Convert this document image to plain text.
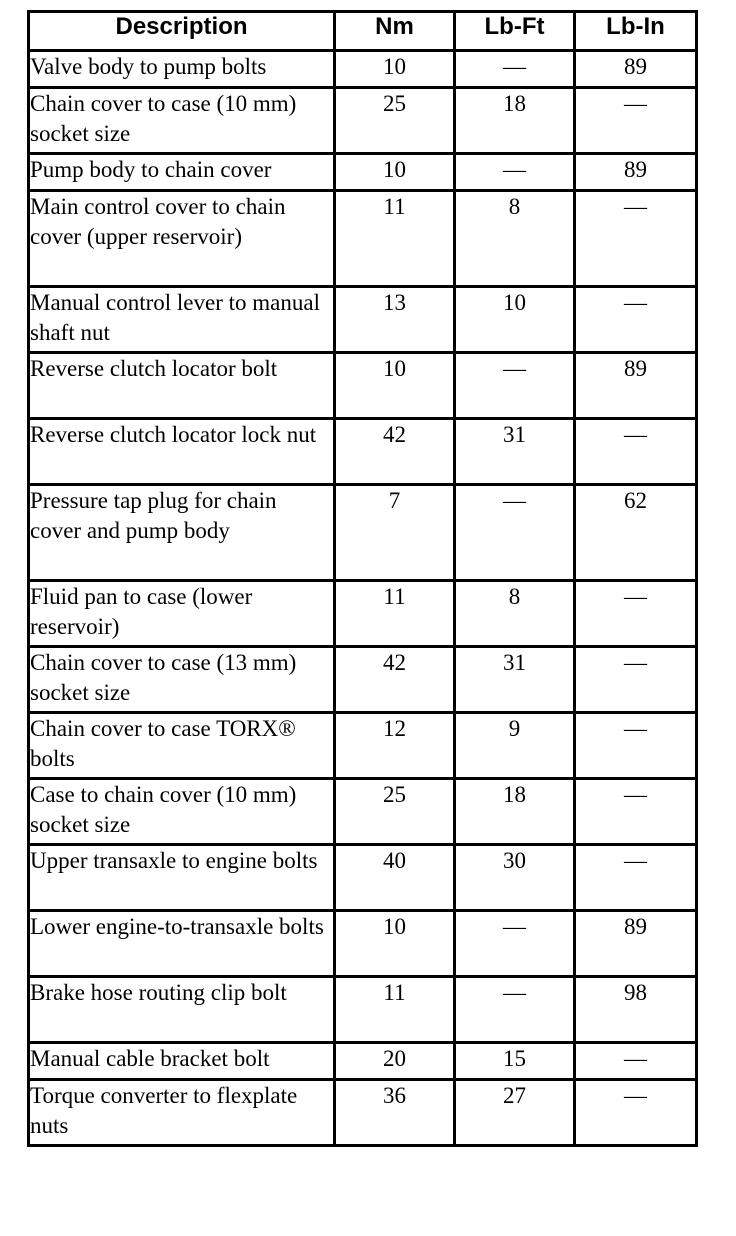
Description	Nm	Lb-Ft	Lb-In
Valve body to pump bolts	10	—	89
Chain cover to case (10 mm) socket size	25	18	—
Pump body to chain cover	10	—	89
Main control cover to chain cover (upper reservoir)	11	8	—
Manual control lever to manual shaft nut	13	10	—
Reverse clutch locator bolt	10	—	89
Reverse clutch locator lock nut	42	31	—
Pressure tap plug for chain cover and pump body	7	—	62
Fluid pan to case (lower reservoir)	11	8	—
Chain cover to case (13 mm) socket size	42	31	—
Chain cover to case TORX® bolts	12	9	—
Case to chain cover (10 mm) socket size	25	18	—
Upper transaxle to engine bolts	40	30	—
Lower engine-to-transaxle bolts	10	—	89
Brake hose routing clip bolt	11	—	98
Manual cable bracket bolt	20	15	—
Torque converter to flexplate nuts	36	27	—
